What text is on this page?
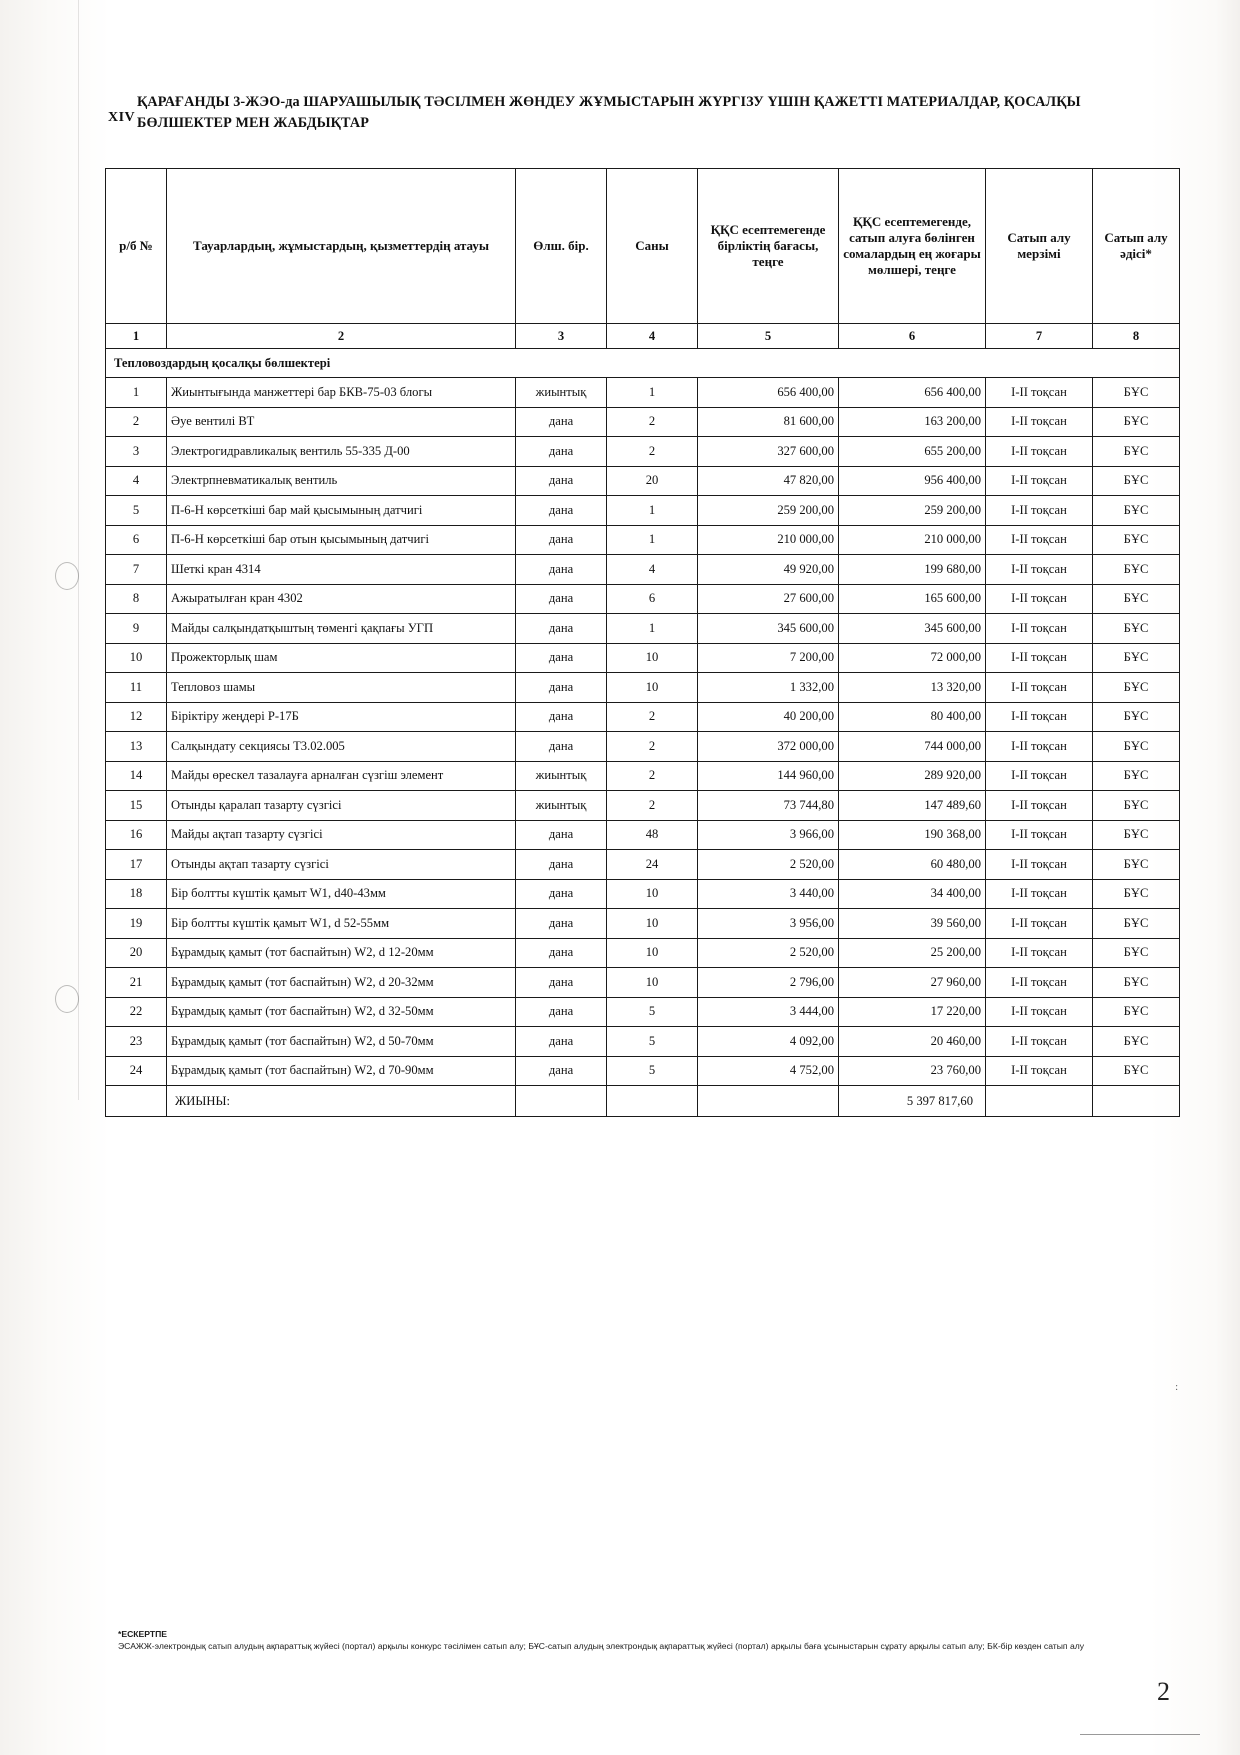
XIV
ҚАРАҒАНДЫ 3-ЖЭО-да ШАРУАШЫЛЫҚ ТӘСІЛМЕН ЖӨНДЕУ ЖҰМЫСТАРЫН ЖҮРГІЗУ ҮШІН ҚАЖЕТТІ МАТЕРИАЛДАР, ҚОСАЛҚЫ БӨЛШЕКТЕР МЕН ЖАБДЫҚТАР
р/б №	Тауарлардың, жұмыстардың, қызметтердің атауы	Өлш. бір.	Саны	ҚҚС есептемегенде бірліктің бағасы, теңге	ҚҚС есептемегенде, сатып алуға бөлінген сомалардың ең жоғары мөлшері, теңге	Сатып алу мерзімі	Сатып алу әдісі*
1	2	3	4	5	6	7	8
Тепловоздардың қосалқы бөлшектері							
1	Жиынтығында манжеттері бар БКВ-75-03 блогы	жиынтық	1	656 400,00	656 400,00	I-II тоқсан	БҰС
2	Әуе вентилі ВТ	дана	2	81 600,00	163 200,00	I-II тоқсан	БҰС
3	Электрогидравликалық вентиль 55-335 Д-00	дана	2	327 600,00	655 200,00	I-II тоқсан	БҰС
4	Электрпневматикалық вентиль	дана	20	47 820,00	956 400,00	I-II тоқсан	БҰС
5	П-6-Н көрсеткіші бар май қысымының датчигі	дана	1	259 200,00	259 200,00	I-II тоқсан	БҰС
6	П-6-Н көрсеткіші бар отын қысымының датчигі	дана	1	210 000,00	210 000,00	I-II тоқсан	БҰС
7	Шеткі кран 4314	дана	4	49 920,00	199 680,00	I-II тоқсан	БҰС
8	Ажыратылған кран 4302	дана	6	27 600,00	165 600,00	I-II тоқсан	БҰС
9	Майды салқындатқыштың төменгі қақпағы УГП	дана	1	345 600,00	345 600,00	I-II тоқсан	БҰС
10	Прожекторлық шам	дана	10	7 200,00	72 000,00	I-II тоқсан	БҰС
11	Тепловоз шамы	дана	10	1 332,00	13 320,00	I-II тоқсан	БҰС
12	Біріктіру жеңдері Р-17Б	дана	2	40 200,00	80 400,00	I-II тоқсан	БҰС
13	Салқындату секциясы Т3.02.005	дана	2	372 000,00	744 000,00	I-II тоқсан	БҰС
14	Майды өрескел тазалауға арналған сүзгіш элемент	жиынтық	2	144 960,00	289 920,00	I-II тоқсан	БҰС
15	Отынды қаралап тазарту сүзгісі	жиынтық	2	73 744,80	147 489,60	I-II тоқсан	БҰС
16	Майды ақтап тазарту сүзгісі	дана	48	3 966,00	190 368,00	I-II тоқсан	БҰС
17	Отынды ақтап тазарту сүзгісі	дана	24	2 520,00	60 480,00	I-II тоқсан	БҰС
18	Бір болтты күштік қамыт W1, d40-43мм	дана	10	3 440,00	34 400,00	I-II тоқсан	БҰС
19	Бір болтты күштік қамыт W1, d 52-55мм	дана	10	3 956,00	39 560,00	I-II тоқсан	БҰС
20	Бұрамдық қамыт (тот баспайтын) W2, d 12-20мм	дана	10	2 520,00	25 200,00	I-II тоқсан	БҰС
21	Бұрамдық қамыт (тот баспайтын) W2, d 20-32мм	дана	10	2 796,00	27 960,00	I-II тоқсан	БҰС
22	Бұрамдық қамыт (тот баспайтын) W2, d 32-50мм	дана	5	3 444,00	17 220,00	I-II тоқсан	БҰС
23	Бұрамдық қамыт (тот баспайтын) W2, d 50-70мм	дана	5	4 092,00	20 460,00	I-II тоқсан	БҰС
24	Бұрамдық қамыт (тот баспайтын) W2, d 70-90мм	дана	5	4 752,00	23 760,00	I-II тоқсан	БҰС
	ЖИЫНЫ:				5 397 817,60		
:
*ЕСКЕРТПЕ
ЭСАЖЖ-электрондық сатып алудың ақпараттық жүйесі (портал) арқылы конкурс тәсілімен сатып алу; БҰС-сатып алудың электрондық ақпараттық жүйесі (портал) арқылы баға ұсыныстарын сұрату арқылы сатып алу; БК-бір көзден сатып алу
2
